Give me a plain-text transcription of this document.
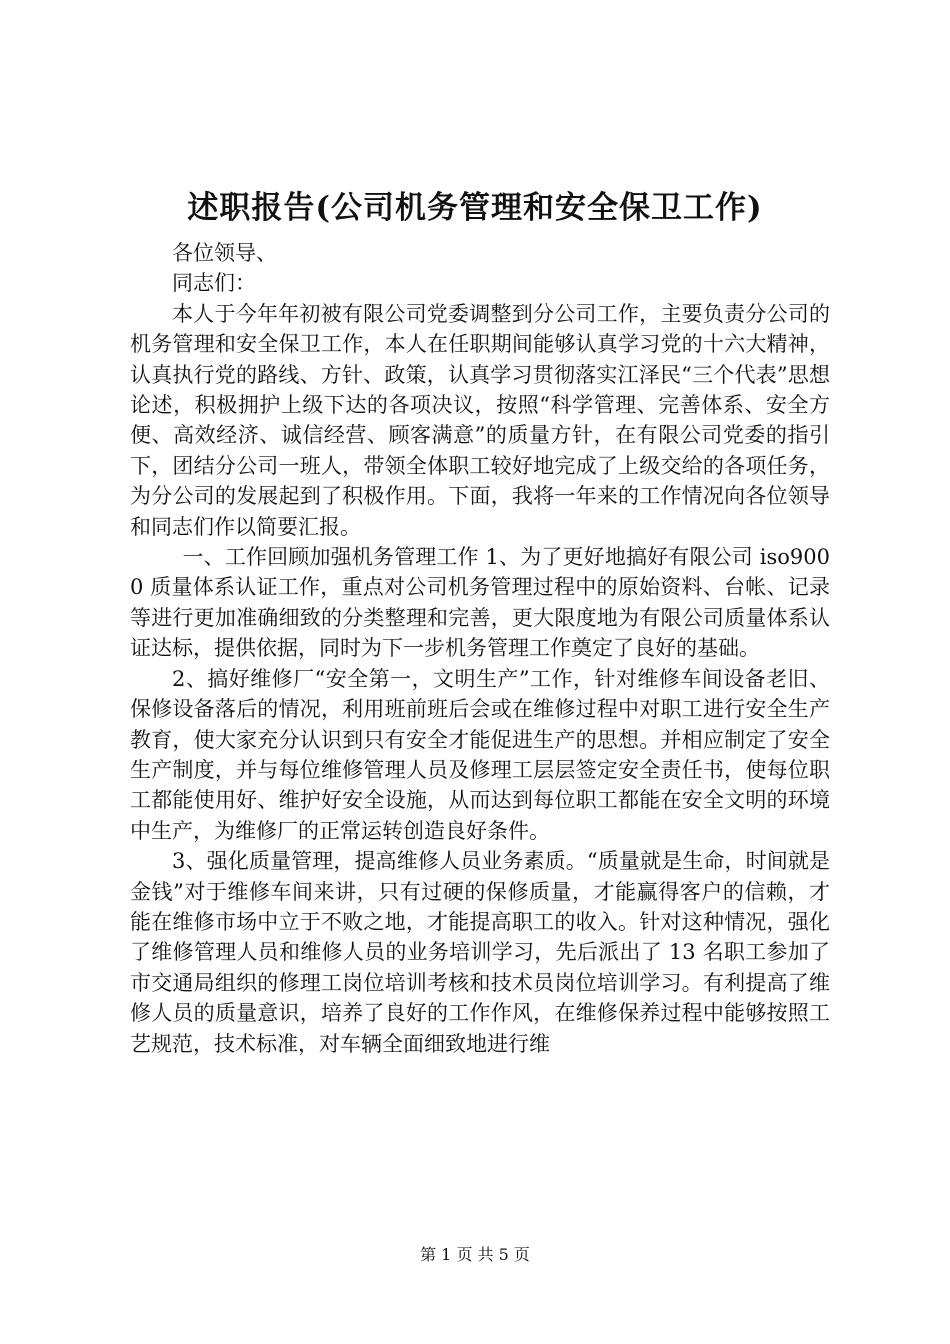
述职报告(公司机务管理和安全保卫工作)

各位领导、

同志们：

本人于今年年初被有限公司党委调整到分公司工作，主要负责分公司的机务管理和安全保卫工作，本人在任职期间能够认真学习党的十六大精神，认真执行党的路线、方针、政策，认真学习贯彻落实江泽民“三个代表”思想论述，积极拥护上级下达的各项决议，按照“科学管理、完善体系、安全方便、高效经济、诚信经营、顾客满意”的质量方针，在有限公司党委的指引下，团结分公司一班人，带领全体职工较好地完成了上级交给的各项任务，为分公司的发展起到了积极作用。下面，我将一年来的工作情况向各位领导和同志们作以简要汇报。

一、工作回顾加强机务管理工作 1、为了更好地搞好有限公司 iso9000 质量体系认证工作，重点对公司机务管理过程中的原始资料、台帐、记录等进行更加准确细致的分类整理和完善，更大限度地为有限公司质量体系认证达标，提供依据，同时为下一步机务管理工作奠定了良好的基础。

2、搞好维修厂“安全第一，文明生产”工作，针对维修车间设备老旧、保修设备落后的情况，利用班前班后会或在维修过程中对职工进行安全生产教育，使大家充分认识到只有安全才能促进生产的思想。并相应制定了安全生产制度，并与每位维修管理人员及修理工层层签定安全责任书，使每位职工都能使用好、维护好安全设施，从而达到每位职工都能在安全文明的环境中生产，为维修厂的正常运转创造良好条件。

3、强化质量管理，提高维修人员业务素质。“质量就是生命，时间就是金钱”对于维修车间来讲，只有过硬的保修质量，才能赢得客户的信赖，才能在维修市场中立于不败之地，才能提高职工的收入。针对这种情况，强化了维修管理人员和维修人员的业务培训学习，先后派出了 13 名职工参加了市交通局组织的修理工岗位培训考核和技术员岗位培训学习。有利提高了维修人员的质量意识，培养了良好的工作作风，在维修保养过程中能够按照工艺规范，技术标准，对车辆全面细致地进行维

第 1 页 共 5 页
